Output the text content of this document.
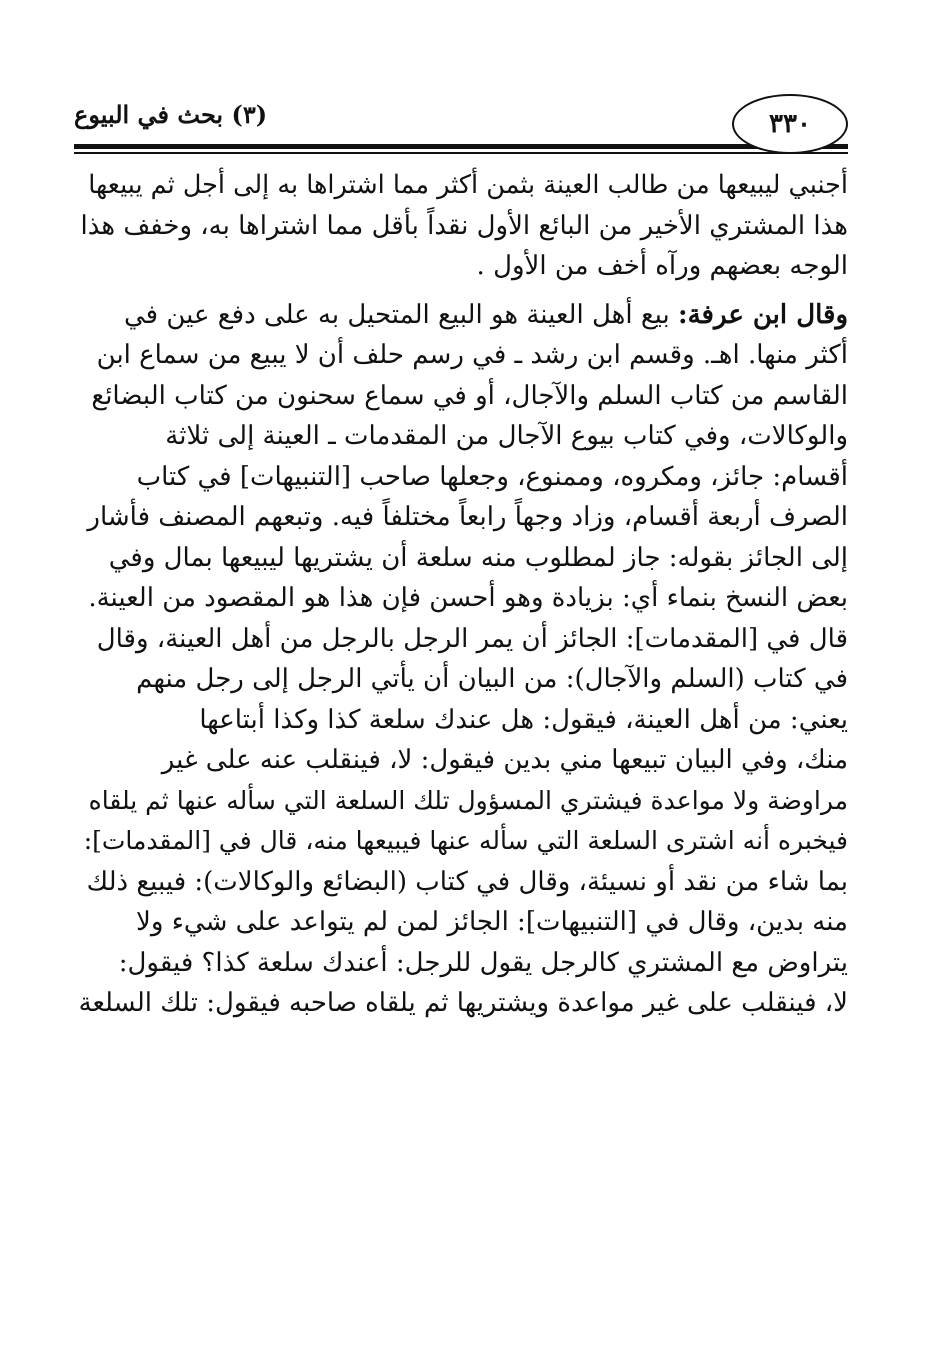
(٣) بحث في البيوع	٣٣٠
أجنبي ليبيعها من طالب العينة بثمن أكثر مما اشتراها به إلى أجل ثم يبيعها
هذا المشتري الأخير من البائع الأول نقداً بأقل مما اشتراها به، وخفف هذا
الوجه بعضهم ورآه أخف من الأول .
وقال ابن عرفة: بيع أهل العينة هو البيع المتحيل به على دفع عين في
أكثر منها. اهـ. وقسم ابن رشد ـ في رسم حلف أن لا يبيع من سماع ابن
القاسم من كتاب السلم والآجال، أو في سماع سحنون من كتاب البضائع
والوكالات، وفي كتاب بيوع الآجال من المقدمات ـ العينة إلى ثلاثة
أقسام: جائز، ومكروه، وممنوع، وجعلها صاحب [التنبيهات] في كتاب
الصرف أربعة أقسام، وزاد وجهاً رابعاً مختلفاً فيه. وتبعهم المصنف فأشار
إلى الجائز بقوله: جاز لمطلوب منه سلعة أن يشتريها ليبيعها بمال وفي
بعض النسخ بنماء أي: بزيادة وهو أحسن فإن هذا هو المقصود من العينة.
قال في [المقدمات]: الجائز أن يمر الرجل بالرجل من أهل العينة، وقال
في كتاب (السلم والآجال): من البيان أن يأتي الرجل إلى رجل منهم
يعني: من أهل العينة، فيقول: هل عندك سلعة كذا وكذا أبتاعها
منك، وفي البيان تبيعها مني بدين فيقول: لا، فينقلب عنه على غير
مراوضة ولا مواعدة فيشتري المسؤول تلك السلعة التي سأله عنها ثم يلقاه
فيخبره أنه اشترى السلعة التي سأله عنها فيبيعها منه، قال في [المقدمات]:
بما شاء من نقد أو نسيئة، وقال في كتاب (البضائع والوكالات): فيبيع ذلك
منه بدين، وقال في [التنبيهات]: الجائز لمن لم يتواعد على شيء ولا
يتراوض مع المشتري كالرجل يقول للرجل: أعندك سلعة كذا؟ فيقول:
لا، فينقلب على غير مواعدة ويشتريها ثم يلقاه صاحبه فيقول: تلك السلعة
